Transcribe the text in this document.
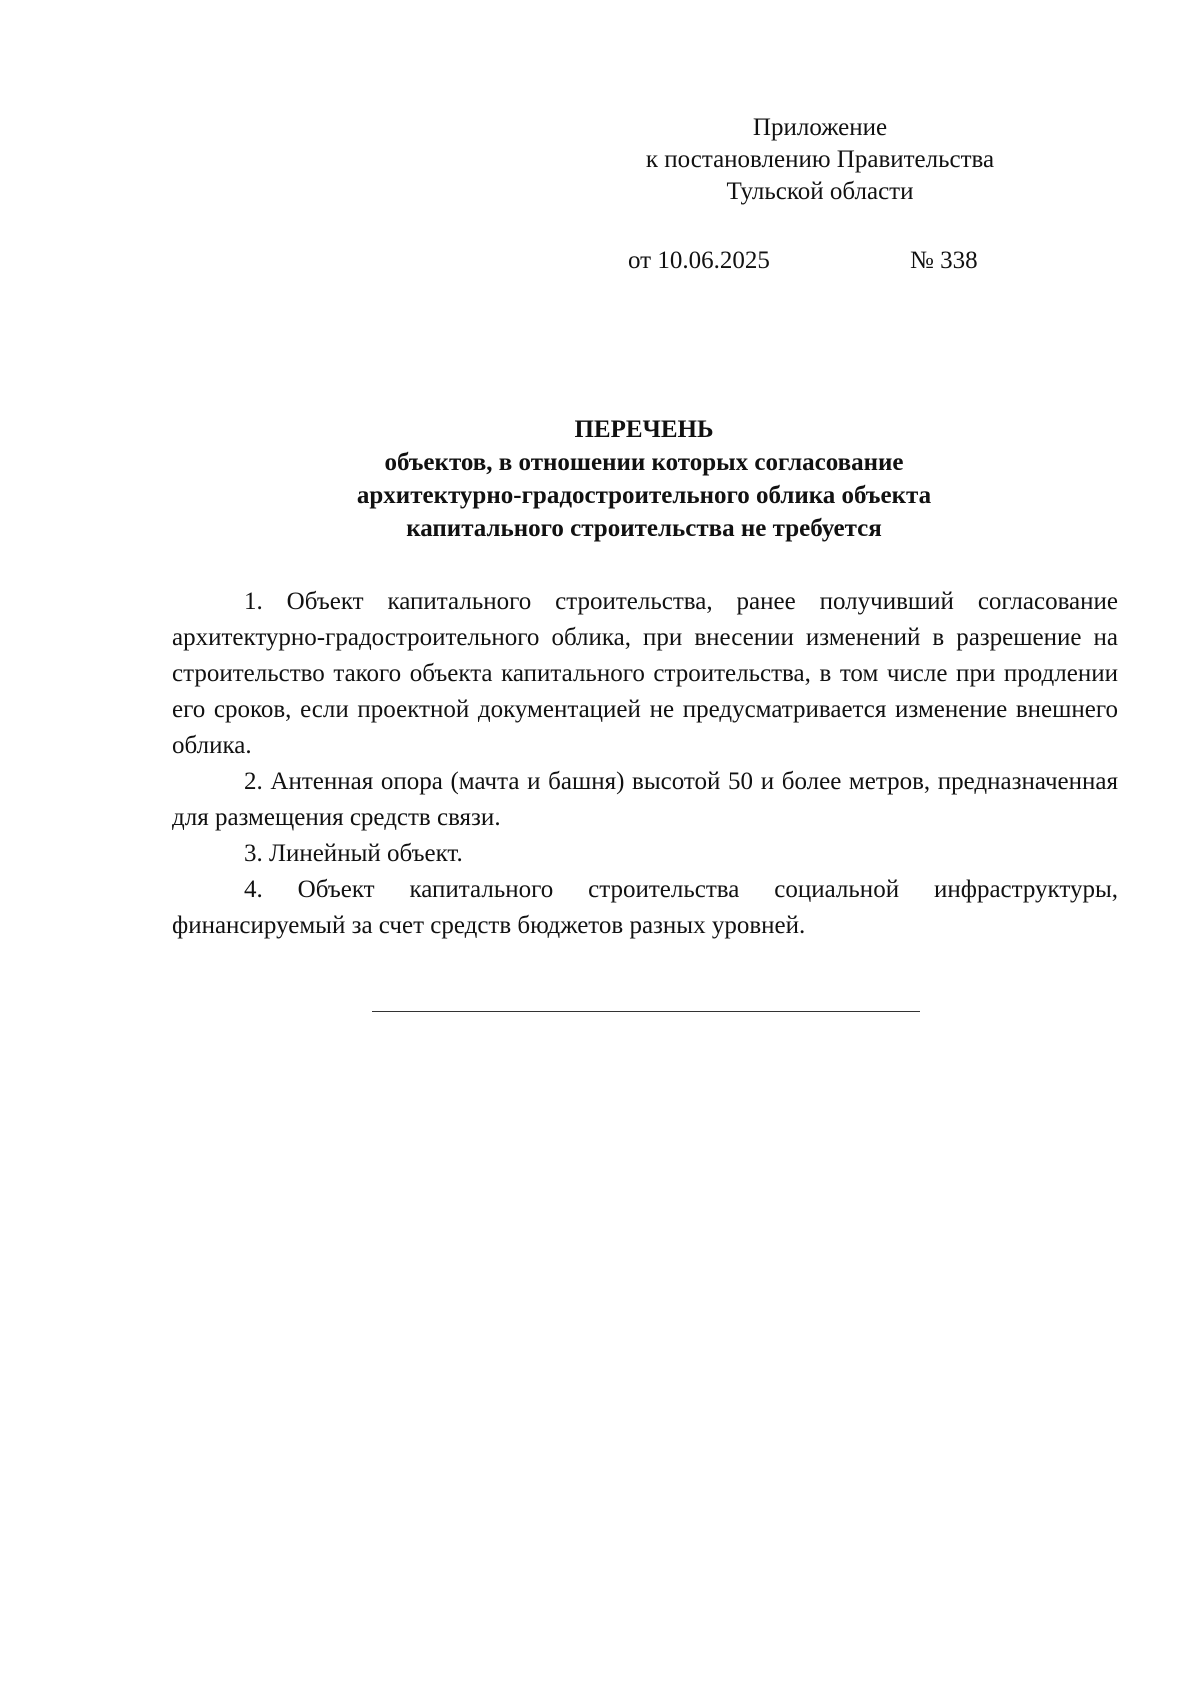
Приложение
к постановлению Правительства
Тульской области
от 10.06.2025	№ 338
ПЕРЕЧЕНЬ
объектов, в отношении которых согласование
архитектурно-градостроительного облика объекта
капитального строительства не требуется

1. Объект капитального строительства, ранее получивший согласование архитектурно-градостроительного облика, при внесении изменений в разрешение на строительство такого объекта капитального строительства, в том числе при продлении его сроков, если проектной документацией не предусматривается изменение внешнего облика.

2. Антенная опора (мачта и башня) высотой 50 и более метров, предназначенная для размещения средств связи.

3. Линейный объект.

4. Объект капитального строительства социальной инфраструктуры, финансируемый за счет средств бюджетов разных уровней.
